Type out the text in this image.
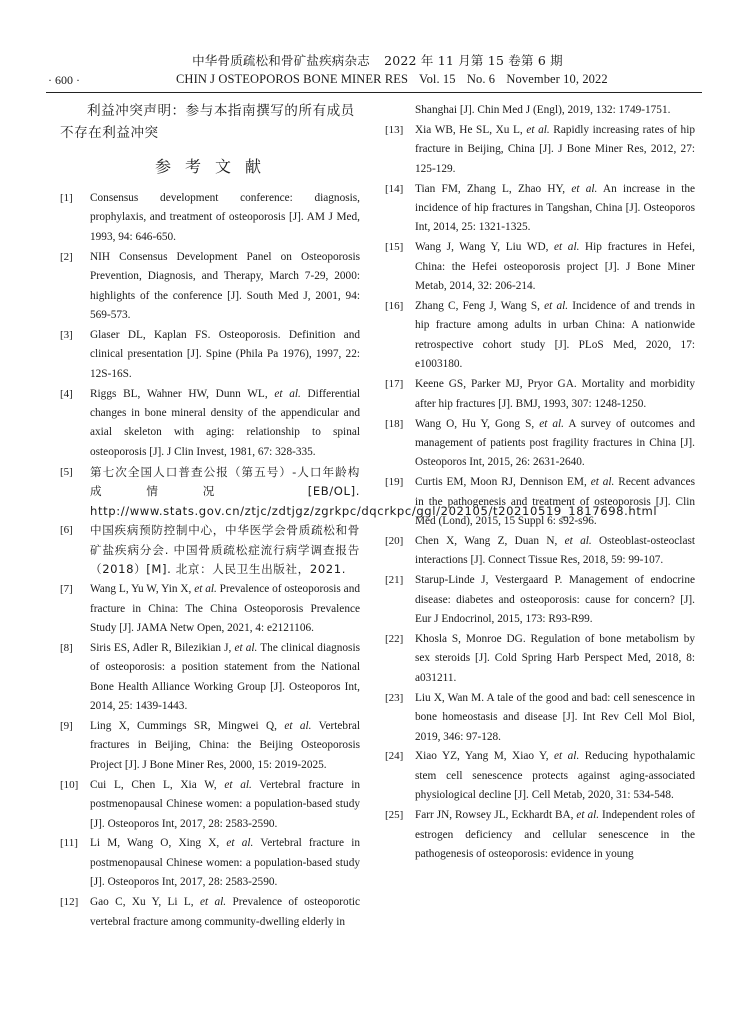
中华骨质疏松和骨矿盐疾病杂志 2022 年 11 月第 15 卷第 6 期
· 600 ·	CHIN J OSTEOPOROS BONE MINER RES Vol. 15 No. 6 November 10, 2022

利益冲突声明：参与本指南撰写的所有成员不存在利益冲突

参考文献
[1] Consensus development conference: diagnosis, prophylaxis, and treatment of osteoporosis [J]. AM J Med, 1993, 94: 646-650.
[2] NIH Consensus Development Panel on Osteoporosis Prevention, Diagnosis, and Therapy, March 7-29, 2000: highlights of the conference [J]. South Med J, 2001, 94: 569-573.
[3] Glaser DL, Kaplan FS. Osteoporosis. Definition and clinical presentation [J]. Spine (Phila Pa 1976), 1997, 22: 12S-16S.
[4] Riggs BL, Wahner HW, Dunn WL, et al. Differential changes in bone mineral density of the appendicular and axial skeleton with aging: relationship to spinal osteoporosis [J]. J Clin Invest, 1981, 67: 328-335.
[5] 第七次全国人口普查公报（第五号）-人口年龄构成情况 [EB/OL]. http://www.stats.gov.cn/ztjc/zdtjgz/zgrkpc/dqcrkpc/ggl/202105/t20210519_1817698.html
[6] 中国疾病预防控制中心，中华医学会骨质疏松和骨矿盐疾病分会. 中国骨质疏松症流行病学调查报告（2018）[M]. 北京：人民卫生出版社，2021.
[7] Wang L, Yu W, Yin X, et al. Prevalence of osteoporosis and fracture in China: The China Osteoporosis Prevalence Study [J]. JAMA Netw Open, 2021, 4: e2121106.
[8] Siris ES, Adler R, Bilezikian J, et al. The clinical diagnosis of osteoporosis: a position statement from the National Bone Health Alliance Working Group [J]. Osteoporos Int, 2014, 25: 1439-1443.
[9] Ling X, Cummings SR, Mingwei Q, et al. Vertebral fractures in Beijing, China: the Beijing Osteoporosis Project [J]. J Bone Miner Res, 2000, 15: 2019-2025.
[10] Cui L, Chen L, Xia W, et al. Vertebral fracture in postmenopausal Chinese women: a population-based study [J]. Osteoporos Int, 2017, 28: 2583-2590.
[11] Li M, Wang O, Xing X, et al. Vertebral fracture in postmenopausal Chinese women: a population-based study [J]. Osteoporos Int, 2017, 28: 2583-2590.
[12] Gao C, Xu Y, Li L, et al. Prevalence of osteoporotic vertebral fracture among community-dwelling elderly in
Shanghai [J]. Chin Med J (Engl), 2019, 132: 1749-1751.
[13] Xia WB, He SL, Xu L, et al. Rapidly increasing rates of hip fracture in Beijing, China [J]. J Bone Miner Res, 2012, 27: 125-129.
[14] Tian FM, Zhang L, Zhao HY, et al. An increase in the incidence of hip fractures in Tangshan, China [J]. Osteoporos Int, 2014, 25: 1321-1325.
[15] Wang J, Wang Y, Liu WD, et al. Hip fractures in Hefei, China: the Hefei osteoporosis project [J]. J Bone Miner Metab, 2014, 32: 206-214.
[16] Zhang C, Feng J, Wang S, et al. Incidence of and trends in hip fracture among adults in urban China: A nationwide retrospective cohort study [J]. PLoS Med, 2020, 17: e1003180.
[17] Keene GS, Parker MJ, Pryor GA. Mortality and morbidity after hip fractures [J]. BMJ, 1993, 307: 1248-1250.
[18] Wang O, Hu Y, Gong S, et al. A survey of outcomes and management of patients post fragility fractures in China [J]. Osteoporos Int, 2015, 26: 2631-2640.
[19] Curtis EM, Moon RJ, Dennison EM, et al. Recent advances in the pathogenesis and treatment of osteoporosis [J]. Clin Med (Lond), 2015, 15 Suppl 6: s92-s96.
[20] Chen X, Wang Z, Duan N, et al. Osteoblast-osteoclast interactions [J]. Connect Tissue Res, 2018, 59: 99-107.
[21] Starup-Linde J, Vestergaard P. Management of endocrine disease: diabetes and osteoporosis: cause for concern? [J]. Eur J Endocrinol, 2015, 173: R93-R99.
[22] Khosla S, Monroe DG. Regulation of bone metabolism by sex steroids [J]. Cold Spring Harb Perspect Med, 2018, 8: a031211.
[23] Liu X, Wan M. A tale of the good and bad: cell senescence in bone homeostasis and disease [J]. Int Rev Cell Mol Biol, 2019, 346: 97-128.
[24] Xiao YZ, Yang M, Xiao Y, et al. Reducing hypothalamic stem cell senescence protects against aging-associated physiological decline [J]. Cell Metab, 2020, 31: 534-548.
[25] Farr JN, Rowsey JL, Eckhardt BA, et al. Independent roles of estrogen deficiency and cellular senescence in the pathogenesis of osteoporosis: evidence in young
